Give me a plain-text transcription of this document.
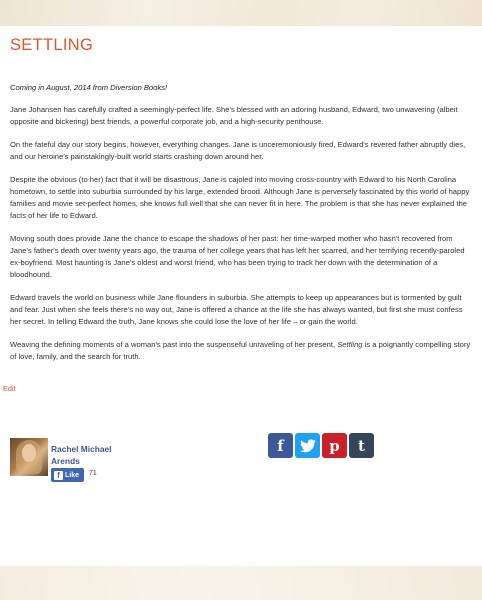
SETTLING

Coming in August, 2014 from Diversion Books!

Jane Johansen has carefully crafted a seemingly-perfect life. She's blessed with an adoring husband, Edward, two unwavering (albeit opposite and bickering) best friends, a powerful corporate job, and a high-security penthouse.

On the fateful day our story begins, however, everything changes. Jane is unceremoniously fired, Edward's revered father abruptly dies, and our heroine's painstakingly-built world starts crashing down around her.

Despite the obvious (to her) fact that it will be disastrous, Jane is cajoled into moving cross-country with Edward to his North Carolina hometown, to settle into suburbia surrounded by his large, extended brood. Although Jane is perversely fascinated by this world of happy families and movie set-perfect homes, she knows full well that she can never fit in here. The problem is that she has never explained the facts of her life to Edward.

Moving south does provide Jane the chance to escape the shadows of her past: her time-warped mother who hasn't recovered from Jane's father's death over twenty years ago, the trauma of her college years that has left her scarred, and her terrifying recently-paroled ex-boyfriend. Most haunting is Jane's oldest and worst friend, who has been trying to track her down with the determination of a bloodhound.

Edward travels the world on business while Jane flounders in suburbia. She attempts to keep up appearances but is tormented by guilt and fear. Just when she feels there's no way out, Jane is offered a chance at the life she has always wanted, but first she must confess her secret. In telling Edward the truth, Jane knows she could lose the love of her life – or gain the world.

Weaving the defining moments of a woman's past into the suspenseful unraveling of her present, Settling is a poignantly compelling story of love, family, and the search for truth.

Edit
Rachel Michael Arends
f Like 71
f	p t
